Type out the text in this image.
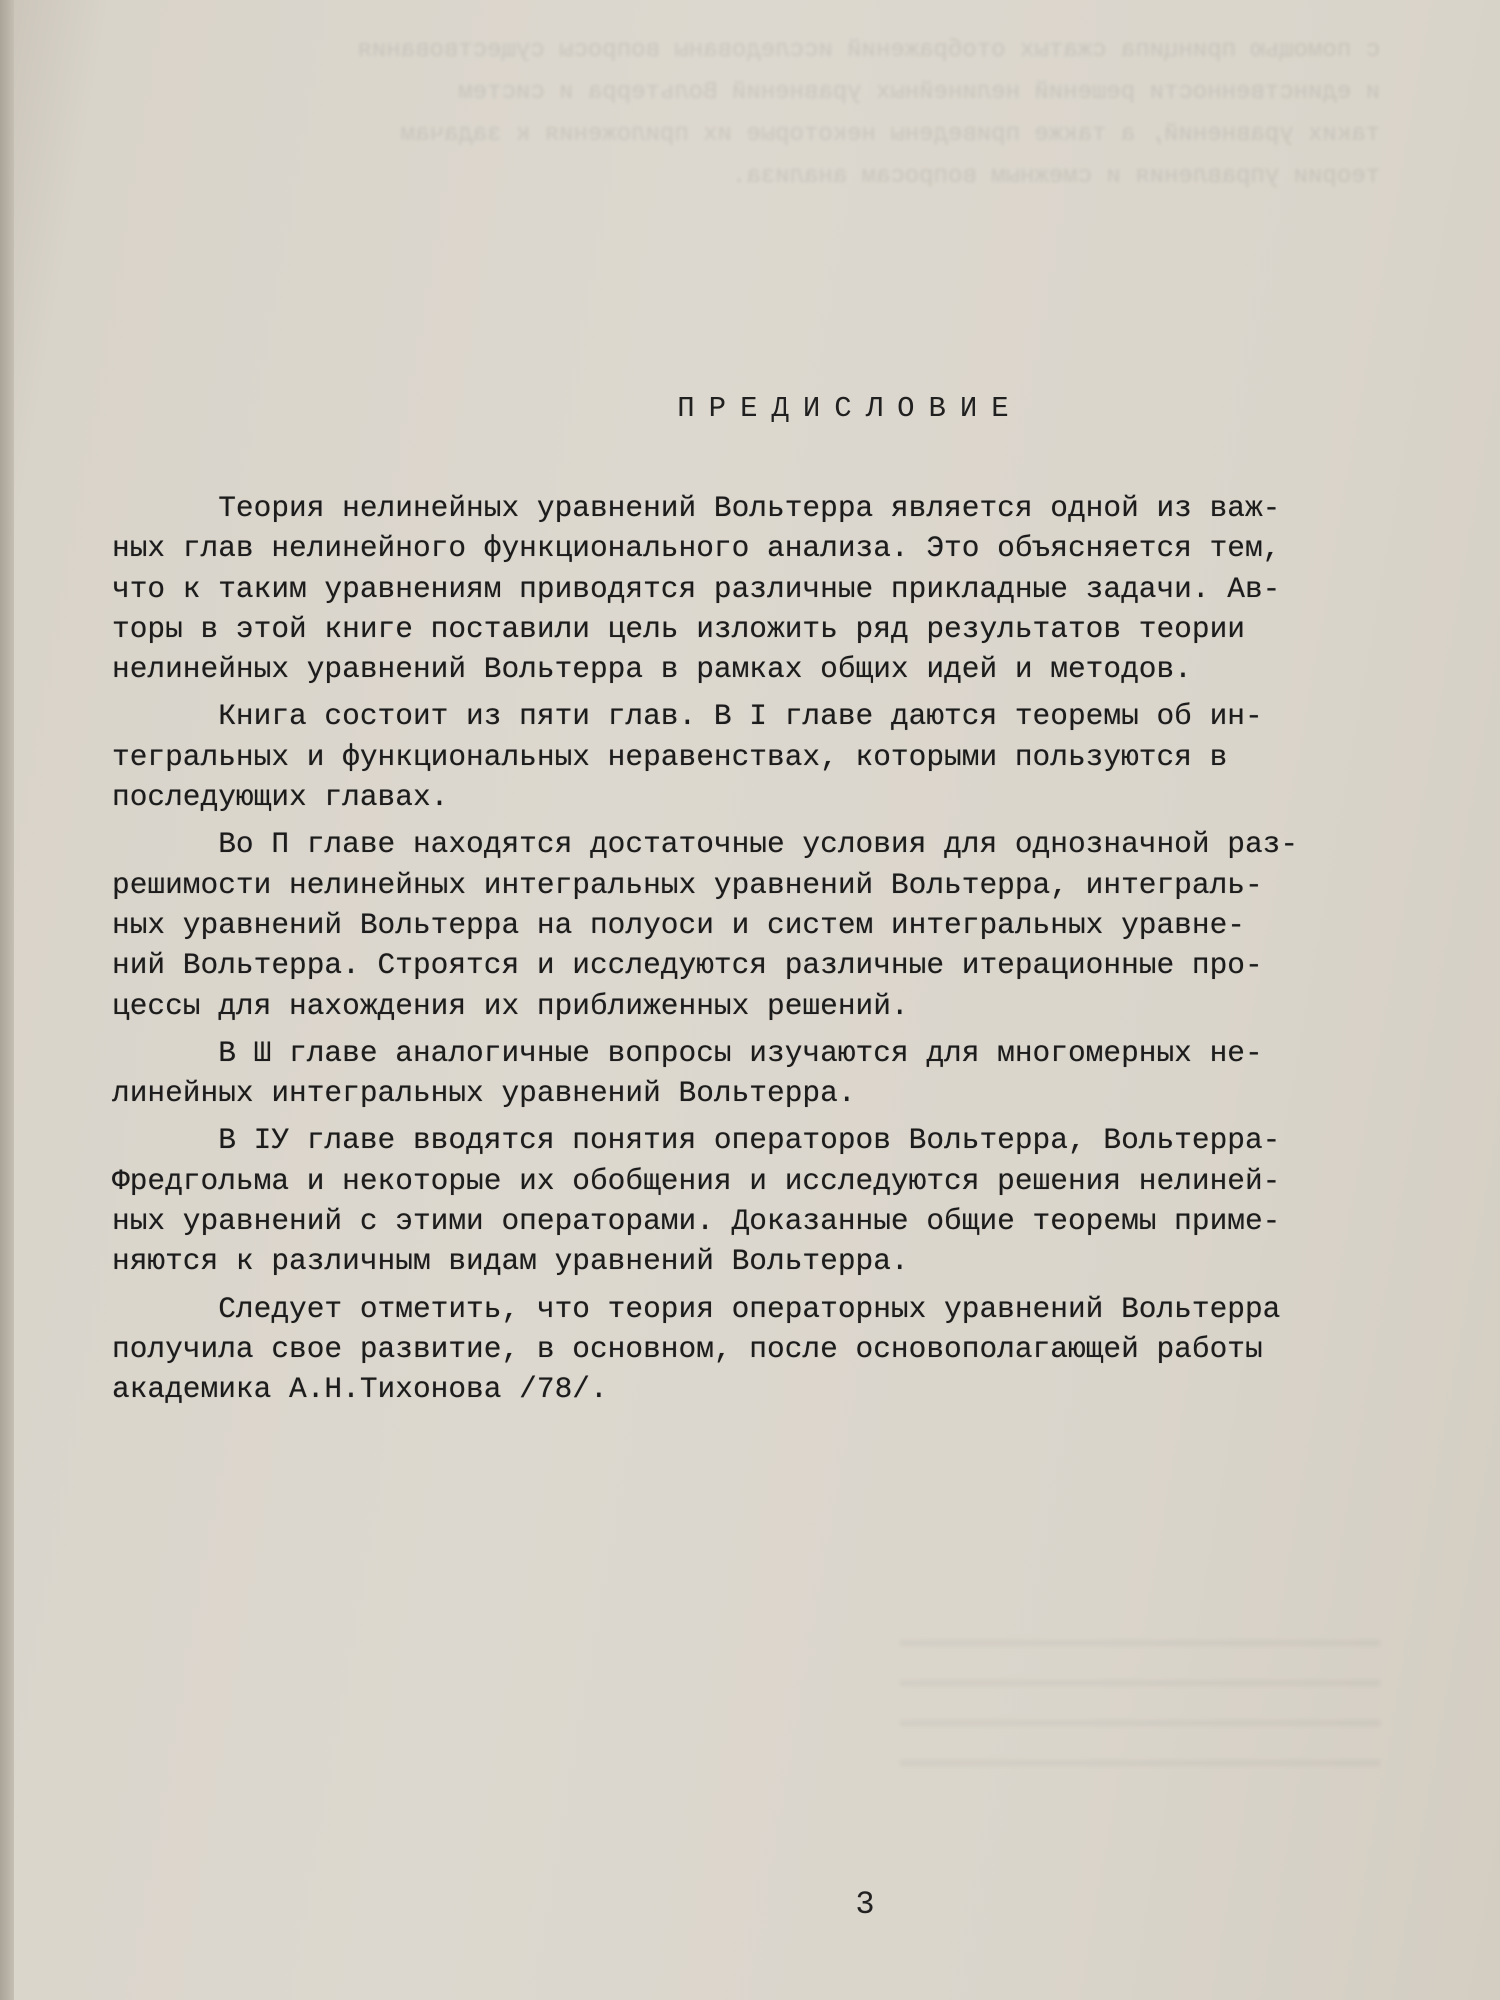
с помощью принципа сжатых отображений исследованы вопросы существования

и единственности решений нелинейных уравнений Вольтерра и систем

таких уравнений, а также приведены некоторые их приложения к задачам

теории управления и смежным вопросам анализа.

ПРЕДИСЛОВИЕ

Теория нелинейных уравнений Вольтерра является одной из важ-
ных глав нелинейного функционального анализа. Это объясняется тем,
что к таким уравнениям приводятся различные прикладные задачи. Ав-
торы в этой книге поставили цель изложить ряд результатов теории
нелинейных уравнений Вольтерра в рамках общих идей и методов.

Книга состоит из пяти глав. В I главе даются теоремы об ин-
тегральных и функциональных неравенствах, которыми пользуются в
последующих главах.

Во П главе находятся достаточные условия для однозначной раз-
решимости нелинейных интегральных уравнений Вольтерра, интеграль-
ных уравнений Вольтерра на полуоси и систем интегральных уравне-
ний Вольтерра. Строятся и исследуются различные итерационные про-
цессы для нахождения их приближенных решений.

В Ш главе аналогичные вопросы изучаются для многомерных не-
линейных интегральных уравнений Вольтерра.

В IУ главе вводятся понятия операторов Вольтерра, Вольтерра-
Фредгольма и некоторые их обобщения и исследуются решения нелиней-
ных уравнений с этими операторами. Доказанные общие теоремы приме-
няются к различным видам уравнений Вольтерра.

Следует отметить, что теория операторных уравнений Вольтерра
получила свое развитие, в основном, после основополагающей работы
академика А.Н.Тихонова /78/.

3
